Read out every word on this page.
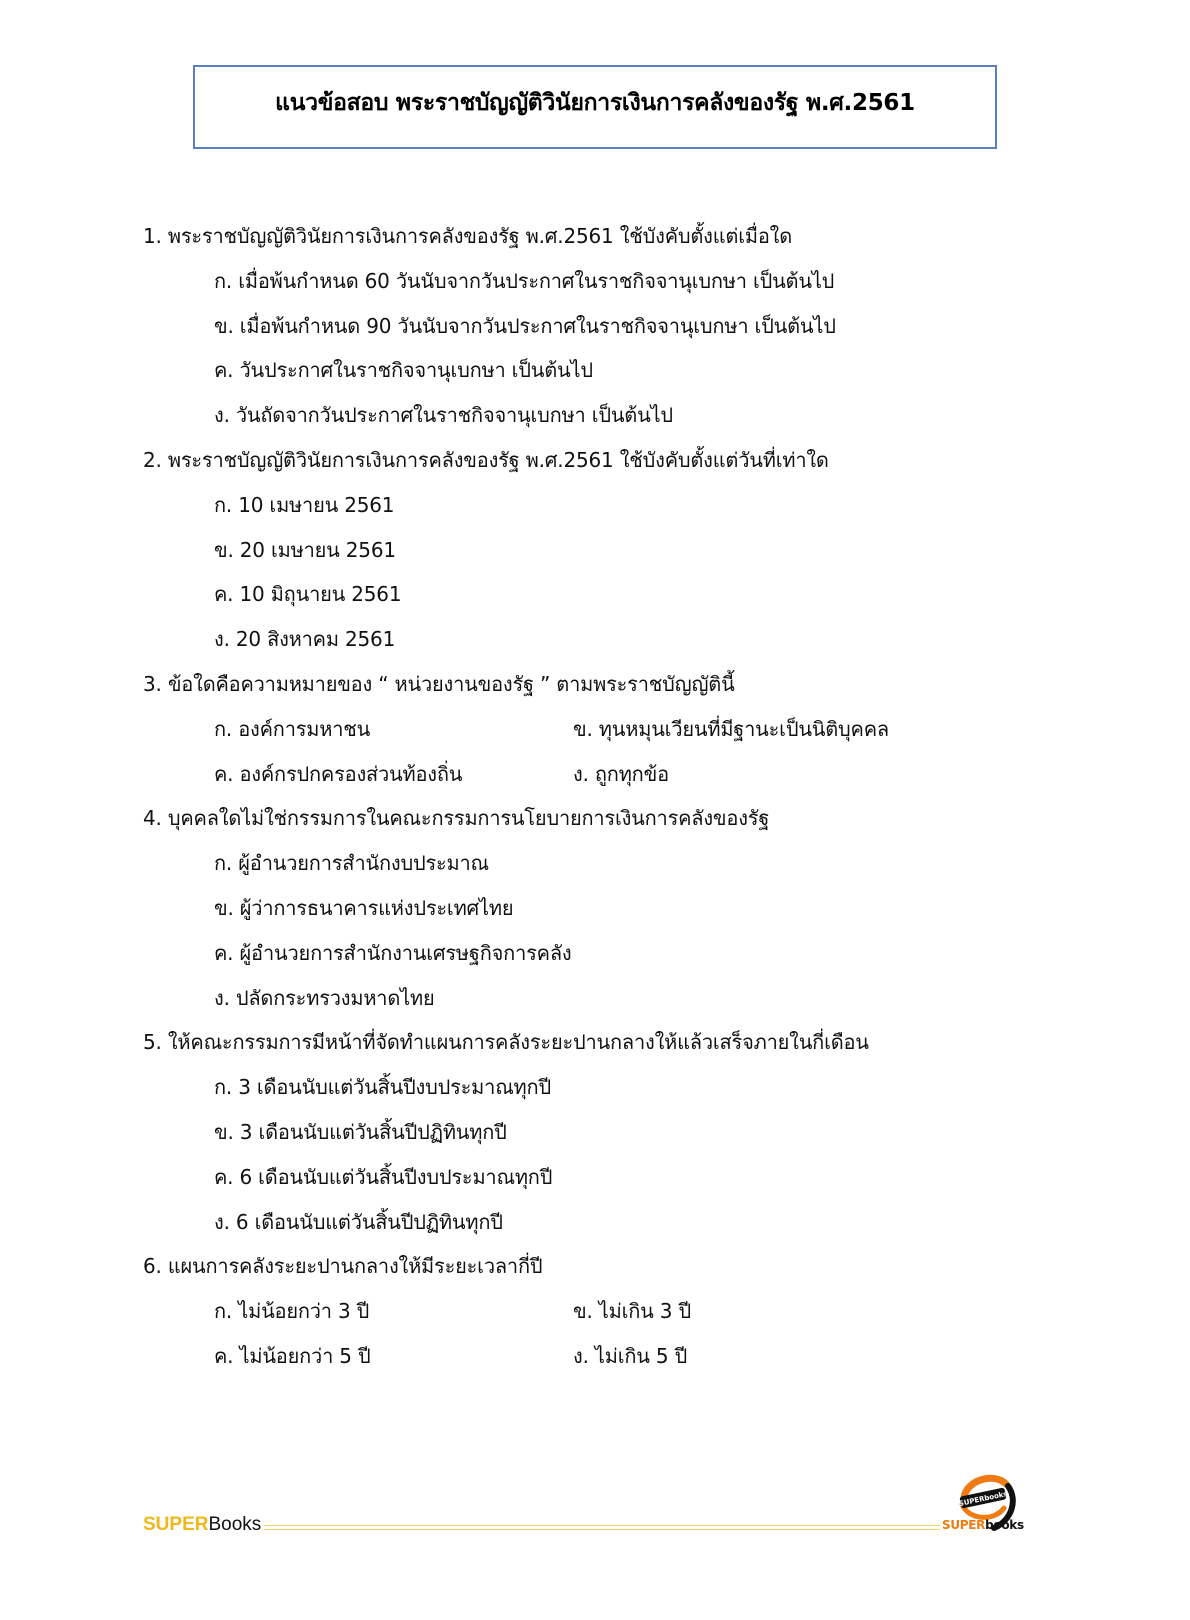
แนวข้อสอบ พระราชบัญญัติวินัยการเงินการคลังของรัฐ พ.ศ.2561
1. พระราชบัญญัติวินัยการเงินการคลังของรัฐ พ.ศ.2561 ใช้บังคับตั้งแต่เมื่อใด
ก. เมื่อพ้นกำหนด 60 วันนับจากวันประกาศในราชกิจจานุเบกษา เป็นต้นไป
ข. เมื่อพ้นกำหนด 90 วันนับจากวันประกาศในราชกิจจานุเบกษา เป็นต้นไป
ค. วันประกาศในราชกิจจานุเบกษา เป็นต้นไป
ง. วันถัดจากวันประกาศในราชกิจจานุเบกษา เป็นต้นไป
2. พระราชบัญญัติวินัยการเงินการคลังของรัฐ พ.ศ.2561 ใช้บังคับตั้งแต่วันที่เท่าใด
ก. 10 เมษายน 2561
ข. 20 เมษายน 2561
ค. 10 มิถุนายน 2561
ง. 20 สิงหาคม 2561
3. ข้อใดคือความหมายของ “ หน่วยงานของรัฐ ” ตามพระราชบัญญัตินี้
ก. องค์การมหาชน	ข. ทุนหมุนเวียนที่มีฐานะเป็นนิติบุคคล
ค. องค์กรปกครองส่วนท้องถิ่น	ง. ถูกทุกข้อ
4. บุคคลใดไม่ใช่กรรมการในคณะกรรมการนโยบายการเงินการคลังของรัฐ
ก. ผู้อำนวยการสำนักงบประมาณ
ข. ผู้ว่าการธนาคารแห่งประเทศไทย
ค. ผู้อำนวยการสำนักงานเศรษฐกิจการคลัง
ง. ปลัดกระทรวงมหาดไทย
5. ให้คณะกรรมการมีหน้าที่จัดทำแผนการคลังระยะปานกลางให้แล้วเสร็จภายในกี่เดือน
ก. 3 เดือนนับแต่วันสิ้นปีงบประมาณทุกปี
ข. 3 เดือนนับแต่วันสิ้นปีปฏิทินทุกปี
ค. 6 เดือนนับแต่วันสิ้นปีงบประมาณทุกปี
ง. 6 เดือนนับแต่วันสิ้นปีปฏิทินทุกปี
6. แผนการคลังระยะปานกลางให้มีระยะเวลากี่ปี
ก. ไม่น้อยกว่า 3 ปี	ข. ไม่เกิน 3 ปี
ค. ไม่น้อยกว่า 5 ปี	ง. ไม่เกิน 5 ปี
SUPERBooks
SUPERbooks
SUPERbooks
